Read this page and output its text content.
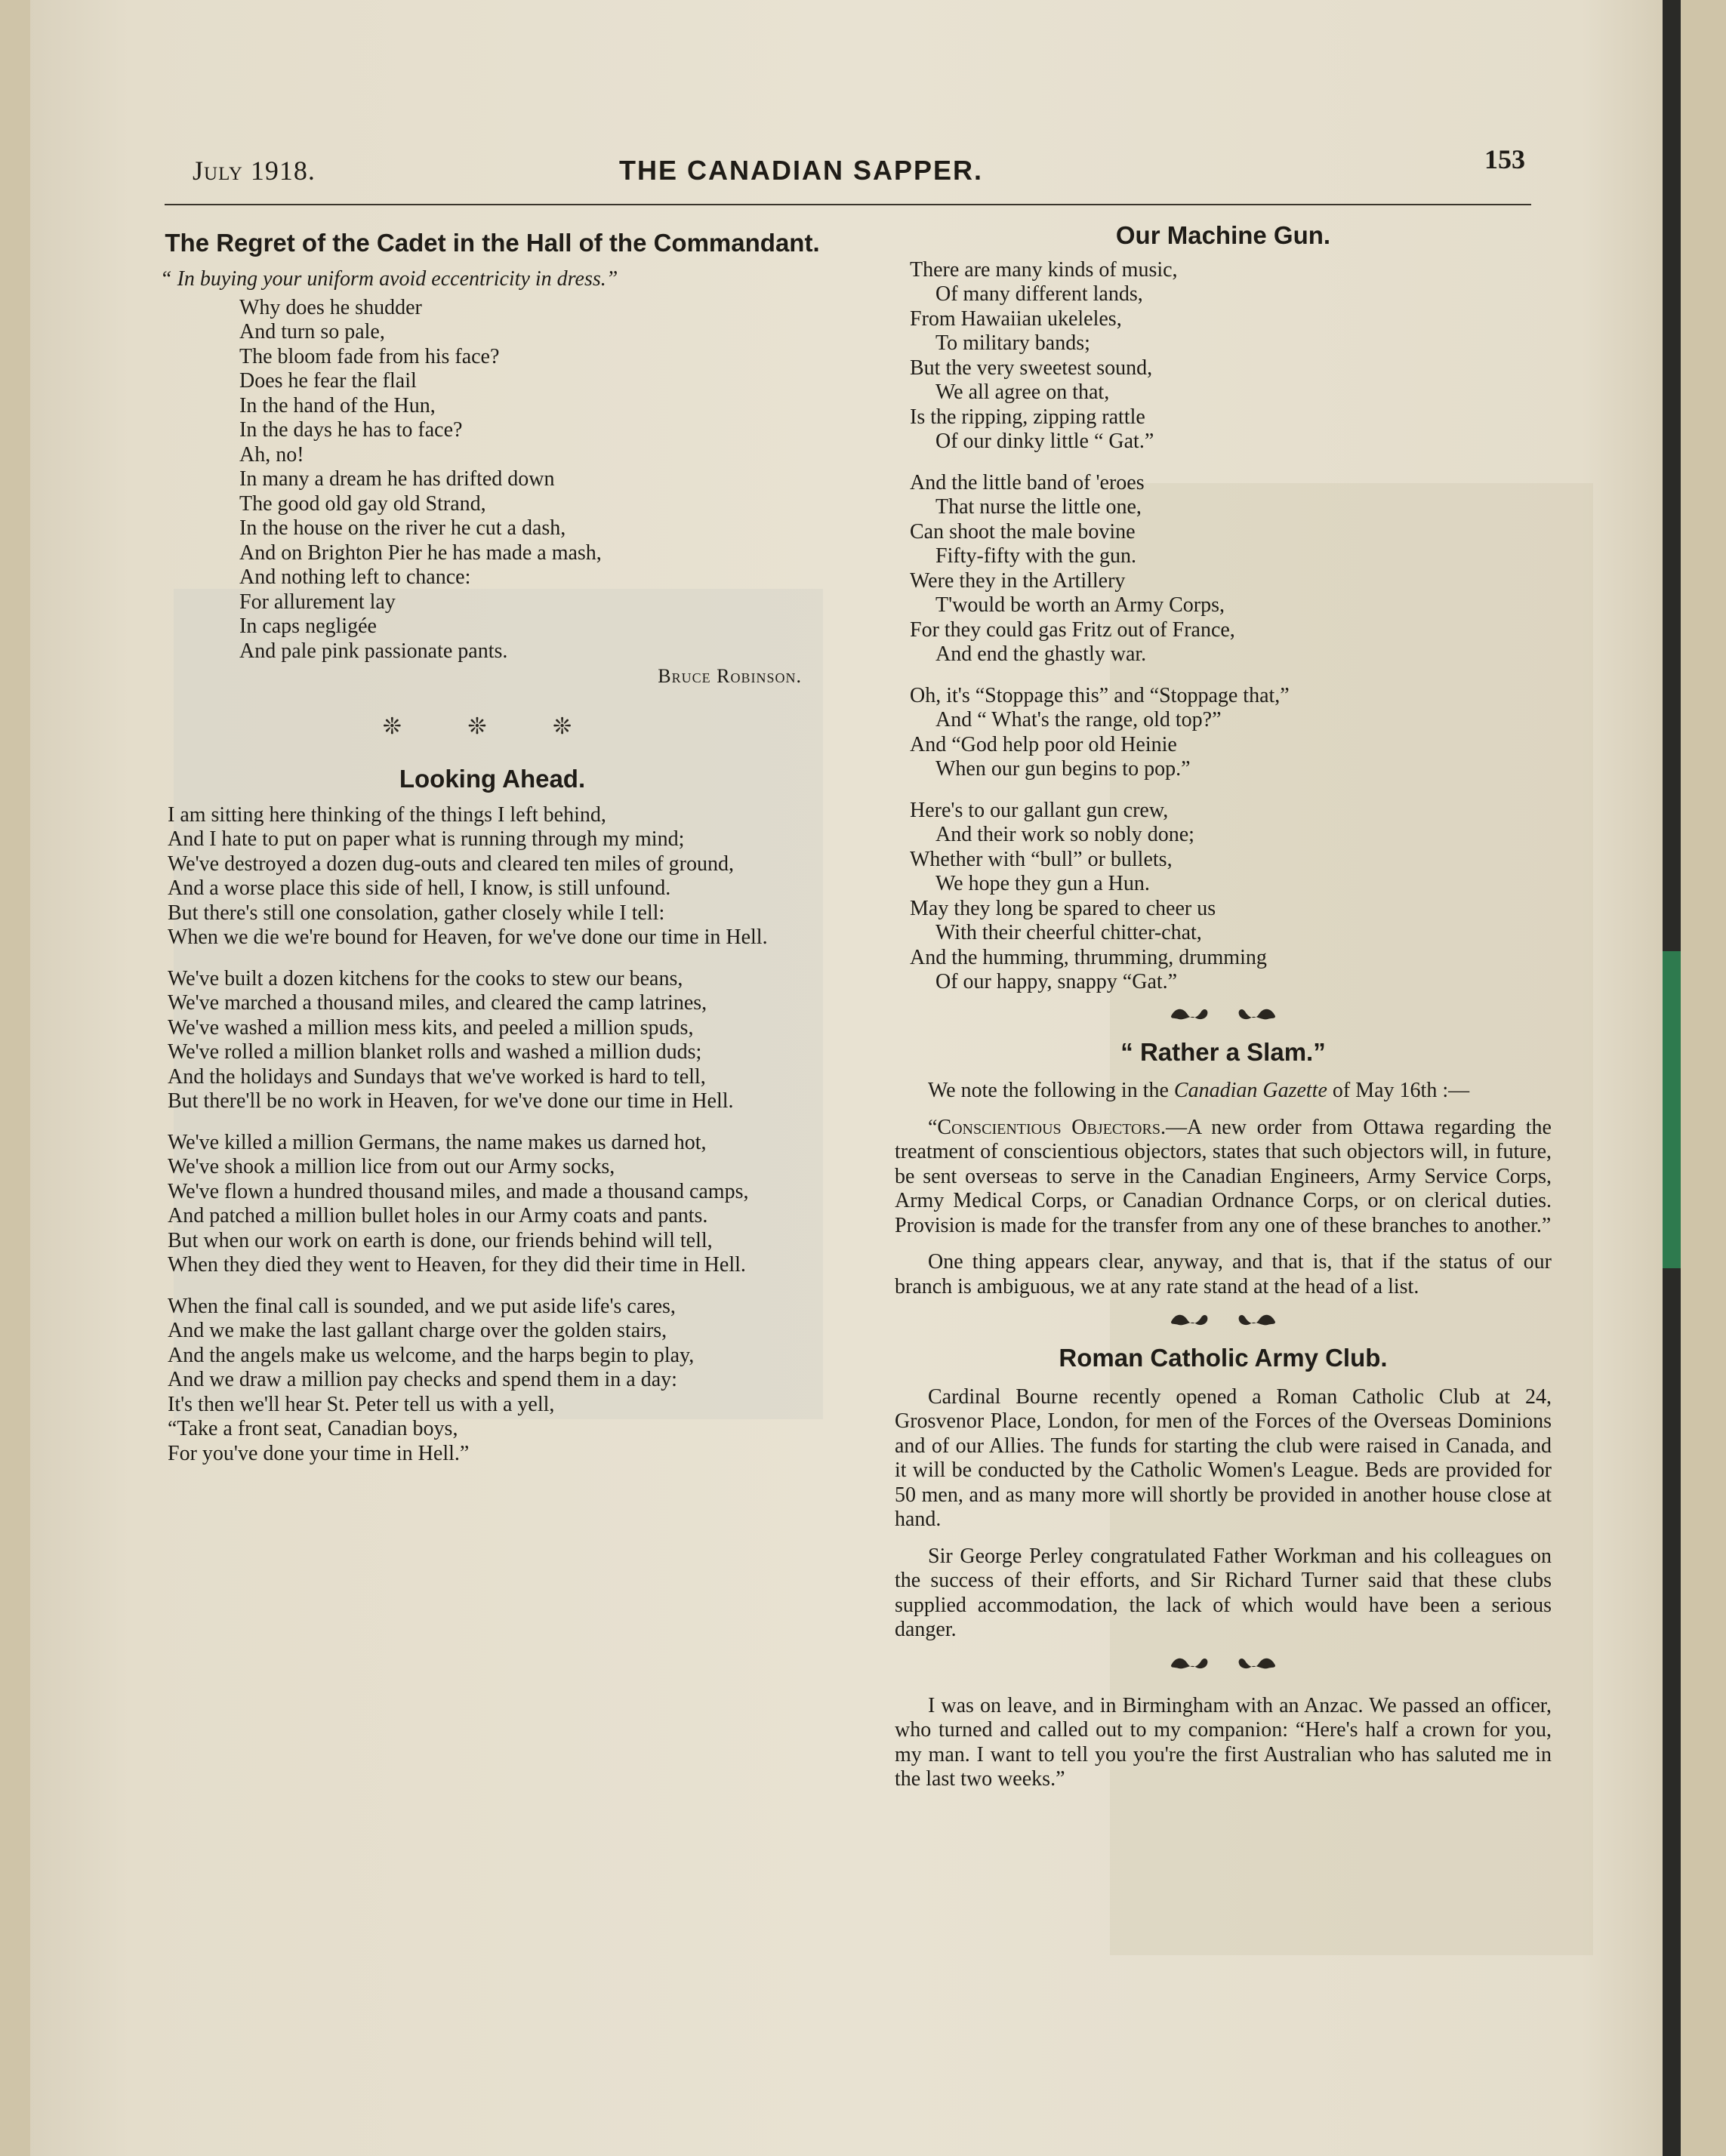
July 1918.	THE CANADIAN SAPPER.	153
The Regret of the Cadet in the Hall of the Commandant.
“ In buying your uniform avoid eccentricity in dress.”
Why does he shudder
And turn so pale,
The bloom fade from his face?
Does he fear the flail
In the hand of the Hun,
In the days he has to face?
Ah, no!
In many a dream he has drifted down
The good old gay old Strand,
In the house on the river he cut a dash,
And on Brighton Pier he has made a mash,
And nothing left to chance:
For allurement lay
In caps negligée
And pale pink passionate pants.
Bruce Robinson.
❊ ❊ ❊
Looking Ahead.
I am sitting here thinking of the things I left behind,
And I hate to put on paper what is running through my mind;
We've destroyed a dozen dug-outs and cleared ten miles of ground,
And a worse place this side of hell, I know, is still unfound.
But there's still one consolation, gather closely while I tell:
When we die we're bound for Heaven, for we've done our time in Hell.
We've built a dozen kitchens for the cooks to stew our beans,
We've marched a thousand miles, and cleared the camp latrines,
We've washed a million mess kits, and peeled a million spuds,
We've rolled a million blanket rolls and washed a million duds;
And the holidays and Sundays that we've worked is hard to tell,
But there'll be no work in Heaven, for we've done our time in Hell.
We've killed a million Germans, the name makes us darned hot,
We've shook a million lice from out our Army socks,
We've flown a hundred thousand miles, and made a thousand camps,
And patched a million bullet holes in our Army coats and pants.
But when our work on earth is done, our friends behind will tell,
When they died they went to Heaven, for they did their time in Hell.
When the final call is sounded, and we put aside life's cares,
And we make the last gallant charge over the golden stairs,
And the angels make us welcome, and the harps begin to play,
And we draw a million pay checks and spend them in a day:
It's then we'll hear St. Peter tell us with a yell,
“Take a front seat, Canadian boys,
For you've done your time in Hell.”
Our Machine Gun.
There are many kinds of music,
Of many different lands,
From Hawaiian ukeleles,
To military bands;
But the very sweetest sound,
We all agree on that,
Is the ripping, zipping rattle
Of our dinky little “ Gat.”
And the little band of 'eroes
That nurse the little one,
Can shoot the male bovine
Fifty-fifty with the gun.
Were they in the Artillery
T'would be worth an Army Corps,
For they could gas Fritz out of France,
And end the ghastly war.
Oh, it's “Stoppage this” and “Stoppage that,”
And “ What's the range, old top?”
And “God help poor old Heinie
When our gun begins to pop.”
Here's to our gallant gun crew,
And their work so nobly done;
Whether with “bull” or bullets,
We hope they gun a Hun.
May they long be spared to cheer us
With their cheerful chitter-chat,
And the humming, thrumming, drumming
Of our happy, snappy “Gat.”
“ Rather a Slam.”

We note the following in the Canadian Gazette of May 16th :—

“Conscientious Objectors.—A new order from Ottawa regarding the treatment of conscientious objectors, states that such objectors will, in future, be sent overseas to serve in the Canadian Engineers, Army Service Corps, Army Medical Corps, or Canadian Ordnance Corps, or on clerical duties. Provision is made for the transfer from any one of these branches to another.”

One thing appears clear, anyway, and that is, that if the status of our branch is ambiguous, we at any rate stand at the head of a list.

Roman Catholic Army Club.

Cardinal Bourne recently opened a Roman Catholic Club at 24, Grosvenor Place, London, for men of the Forces of the Overseas Dominions and of our Allies. The funds for starting the club were raised in Canada, and it will be conducted by the Catholic Women's League. Beds are provided for 50 men, and as many more will shortly be provided in another house close at hand.

Sir George Perley congratulated Father Workman and his colleagues on the success of their efforts, and Sir Richard Turner said that these clubs supplied accommodation, the lack of which would have been a serious danger.

I was on leave, and in Birmingham with an Anzac. We passed an officer, who turned and called out to my companion: “Here's half a crown for you, my man. I want to tell you you're the first Australian who has saluted me in the last two weeks.”
